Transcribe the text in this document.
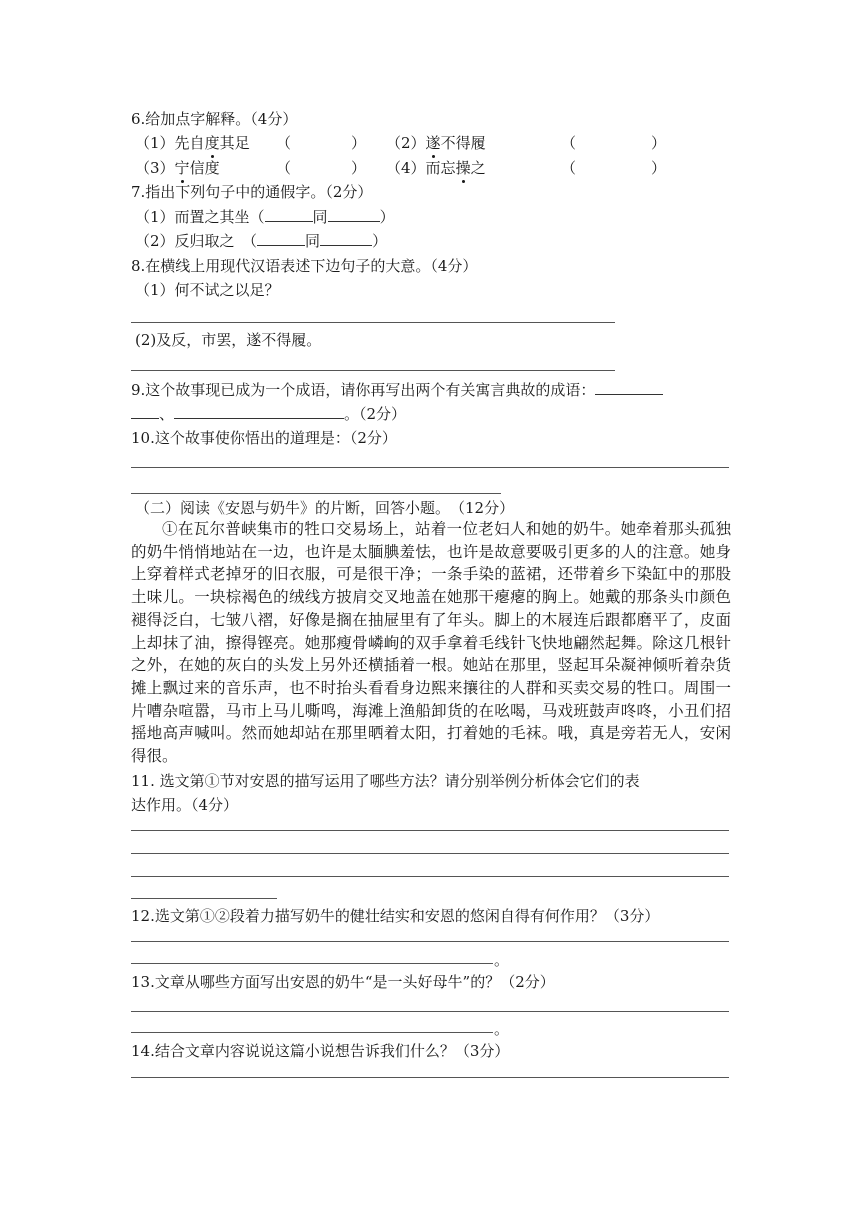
6.给加点字解释。（4分）
（1）先自度其足 （　　　　） （2）遂不得履	（　　　　　）
（3）宁信度	（　　　　） （4）而忘操之	（　　　　　）
7.指出下列句子中的通假字。（2分）
（1）而置之其坐（	同	）
（2）反归取之　（	同	）
8.在横线上用现代汉语表述下边句子的大意。（4分）
（1）何不试之以足？
(2)及反，市罢，遂不得履。
9.这个故事现已成为一个成语，请你再写出两个有关寓言典故的成语：
、	。（2分）
10.这个故事使你悟出的道理是：（2分）
（二）阅读《安恩与奶牛》的片断，回答小题。　（12分）
①在瓦尔普峡集市的牲口交易场上，站着一位老妇人和她的奶牛。她牵着那头孤独的奶牛悄悄地站在一边，也许是太腼腆羞怯，也许是故意要吸引更多的人的注意。她身上穿着样式老掉牙的旧衣服，可是很干净；一条手染的蓝裙，还带着乡下染缸中的那股土味儿。一块棕褐色的绒线方披肩交叉地盖在她那干瘪瘪的胸上。她戴的那条头巾颜色褪得泛白，七皱八褶，好像是搁在抽屉里有了年头。脚上的木屐连后跟都磨平了，皮面上却抹了油，擦得铿亮。她那瘦骨嶙峋的双手拿着毛线针飞快地翩然起舞。除这几根针之外，在她的灰白的头发上另外还横插着一根。她站在那里，竖起耳朵凝神倾听着杂货摊上飘过来的音乐声，也不时抬头看看身边熙来攘往的人群和买卖交易的牲口。周围一片嘈杂喧嚣，马市上马儿嘶鸣，海滩上渔船卸货的在吆喝，马戏班鼓声咚咚，小丑们招摇地高声喊叫。然而她却站在那里晒着太阳，打着她的毛袜。哦，真是旁若无人，安闲得很。
11. 选文第①节对安恩的描写运用了哪些方法？请分别举例分析体会它们的表
达作用。（4分）
12.选文第①②段着力描写奶牛的健壮结实和安恩的悠闲自得有何作用？（3分）
。
13.文章从哪些方面写出安恩的奶牛“是一头好母牛”的？（2分）
。
14.结合文章内容说说这篇小说想告诉我们什么？（3分）
